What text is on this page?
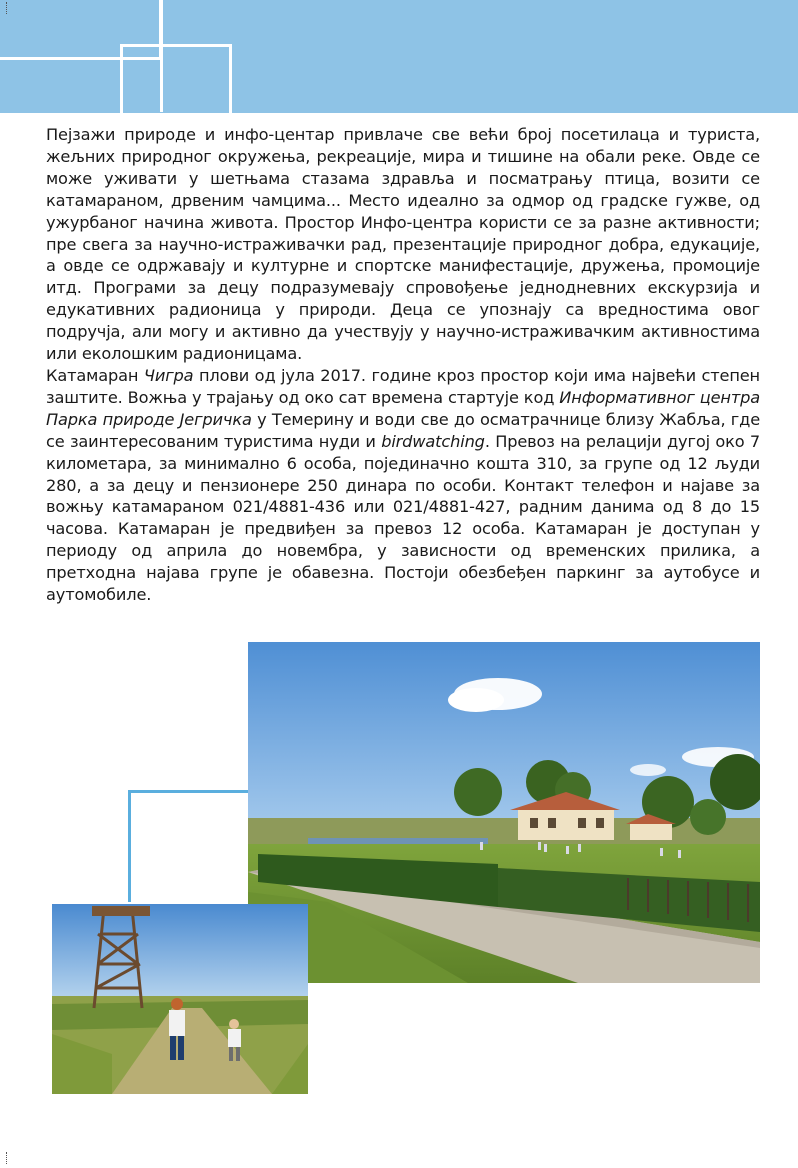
Пејзажи природе и инфо-центар привлаче све већи број посетилаца и туриста, жељних природног окружења, рекреације, мира и тишине на обали реке. Овде се може уживати у шетњама стазама здравља и посматрању птица, возити се катамараном, дрвеним чамцима... Место идеално за одмор од градске гужве, од ужурбаног начина живота. Простор Инфо-центра користи се за разне активности; пре свега за научно-истраживачки рад, презентације природног добра, едукације, а овде се одржавају и културне и спортске манифестације, дружења, промоције итд. Програми за децу подразумевају спровођење једнодневних екскурзија и едукативних радионица у природи. Деца се упознају са вредностима овог подручја, али могу и активно да учествују у научно-истраживачким активностима или еколошким радионицама.

Катамаран Чигра плови од јула 2017. године кроз простор који има највећи степен заштите. Вожња у трајању од око сат времена стартује код Информативног центра Парка природе Јегричка у Темерину и води све до осматрачнице близу Жабља, где се заинтересованим туристима нуди и birdwatching. Превоз на релацији дугој око 7 километара, за минимално 6 особа, појединачно кошта 310, за групе од 12 људи 280, а за децу и пензионере 250 динара по особи. Контакт телефон и најаве за вожњу катамараном 021/4881-436 или 021/4881-427, радним данима од 8 до 15 часова. Катамаран је предвиђен за превоз 12 особа. Катамаран је доступан у периоду од априла до новембра, у зависности од временских прилика, а претходна најава групе је обавезна. Постоји обезбеђен паркинг за аутобусе и аутомобиле.
